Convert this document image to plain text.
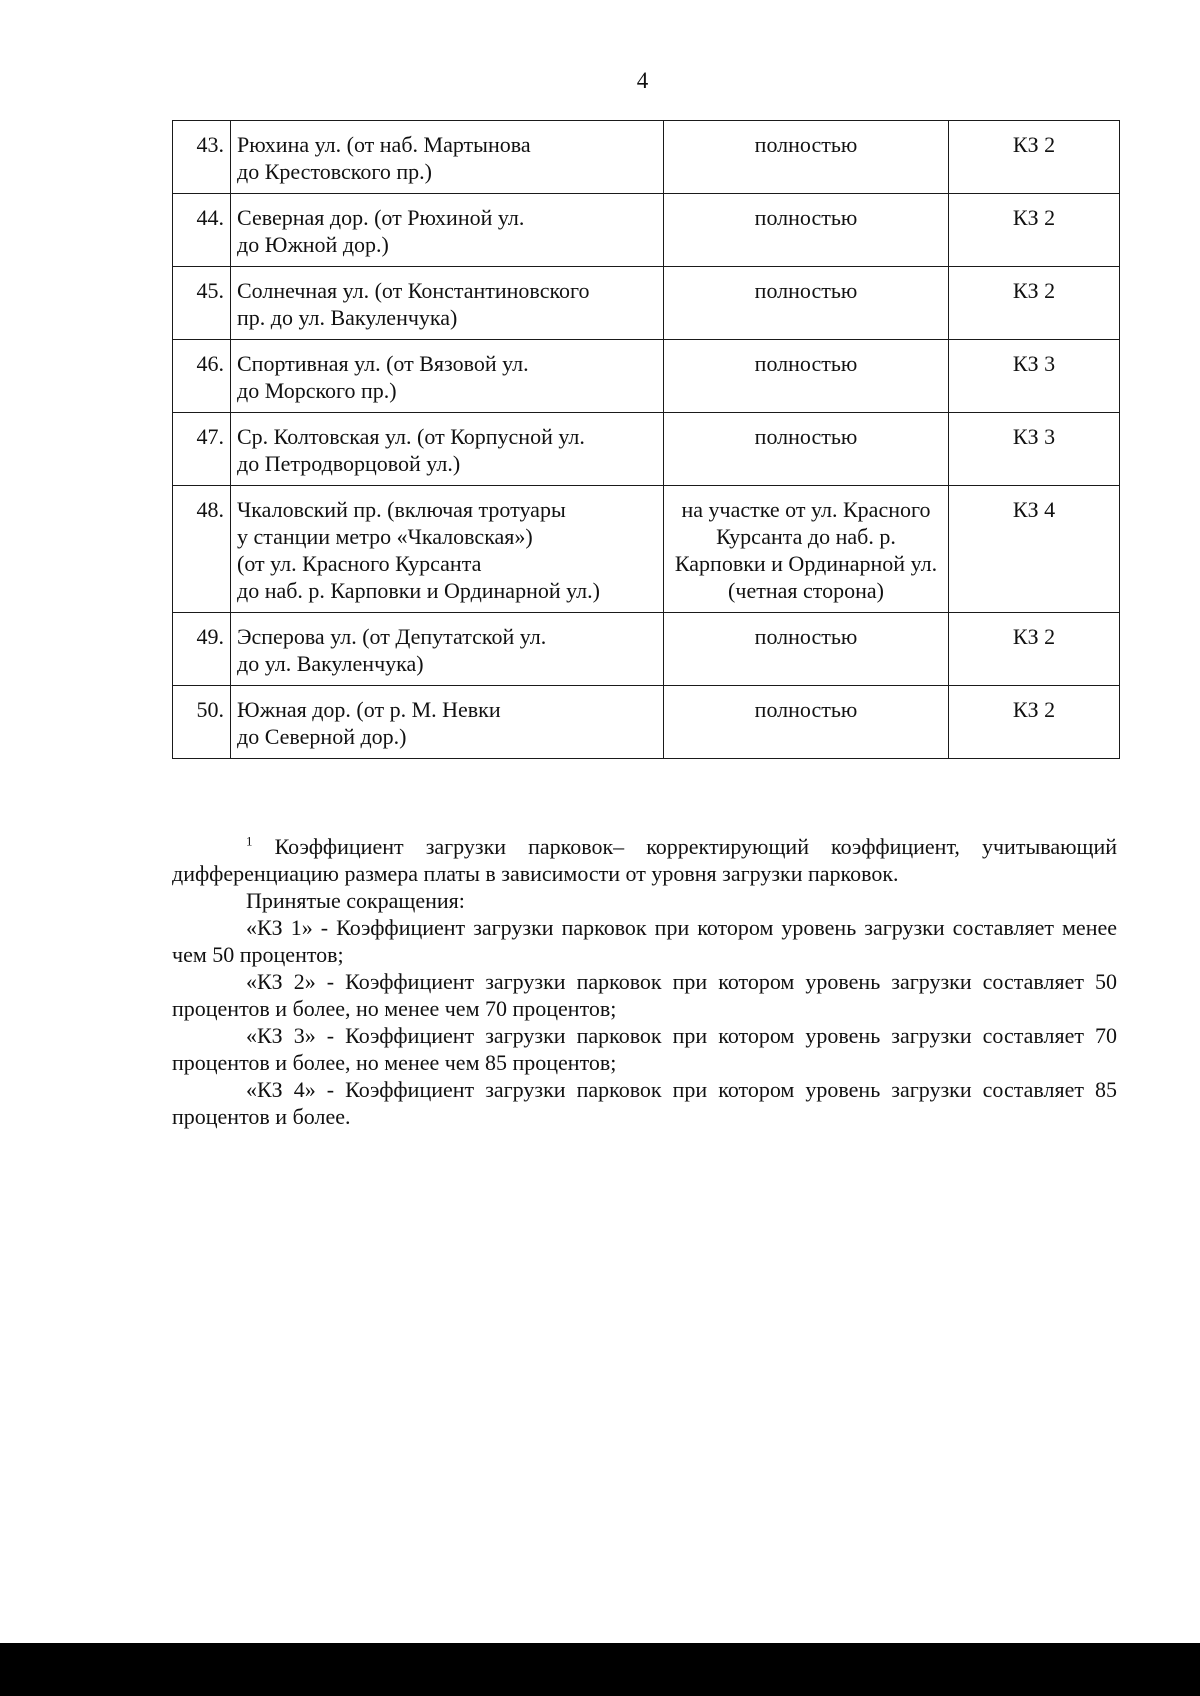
4
43.	Рюхина ул. (от наб. Мартынова
до Крестовского пр.)	полностью	КЗ 2
44.	Северная дор. (от Рюхиной ул.
до Южной дор.)	полностью	КЗ 2
45.	Солнечная ул. (от Константиновского
пр. до ул. Вакуленчука)	полностью	КЗ 2
46.	Спортивная ул. (от Вязовой ул.
до Морского пр.)	полностью	КЗ 3
47.	Ср. Колтовская ул. (от Корпусной ул.
до Петродворцовой ул.)	полностью	КЗ 3
48.	Чкаловский пр. (включая тротуары
у станции метро «Чкаловская»)
(от ул. Красного Курсанта
до наб. р. Карповки и Ординарной ул.)	на участке от ул. Красного Курсанта до наб. р. Карповки и Ординарной ул. (четная сторона)	КЗ 4
49.	Эсперова ул. (от Депутатской ул.
до ул. Вакуленчука)	полностью	КЗ 2
50.	Южная дор. (от р. М. Невки
до Северной дор.)	полностью	КЗ 2

$^1$ Коэффициент загрузки парковок– корректирующий коэффициент, учитывающий дифференциацию размера платы в зависимости от уровня загрузки парковок.

Принятые сокращения:

«КЗ 1» - Коэффициент загрузки парковок при котором уровень загрузки составляет менее чем 50 процентов;

«КЗ 2» - Коэффициент загрузки парковок при котором уровень загрузки составляет 50 процентов и более, но менее чем 70 процентов;

«КЗ 3» - Коэффициент загрузки парковок при котором уровень загрузки составляет 70 процентов и более, но менее чем 85 процентов;

«КЗ 4» - Коэффициент загрузки парковок при котором уровень загрузки составляет 85 процентов и более.
